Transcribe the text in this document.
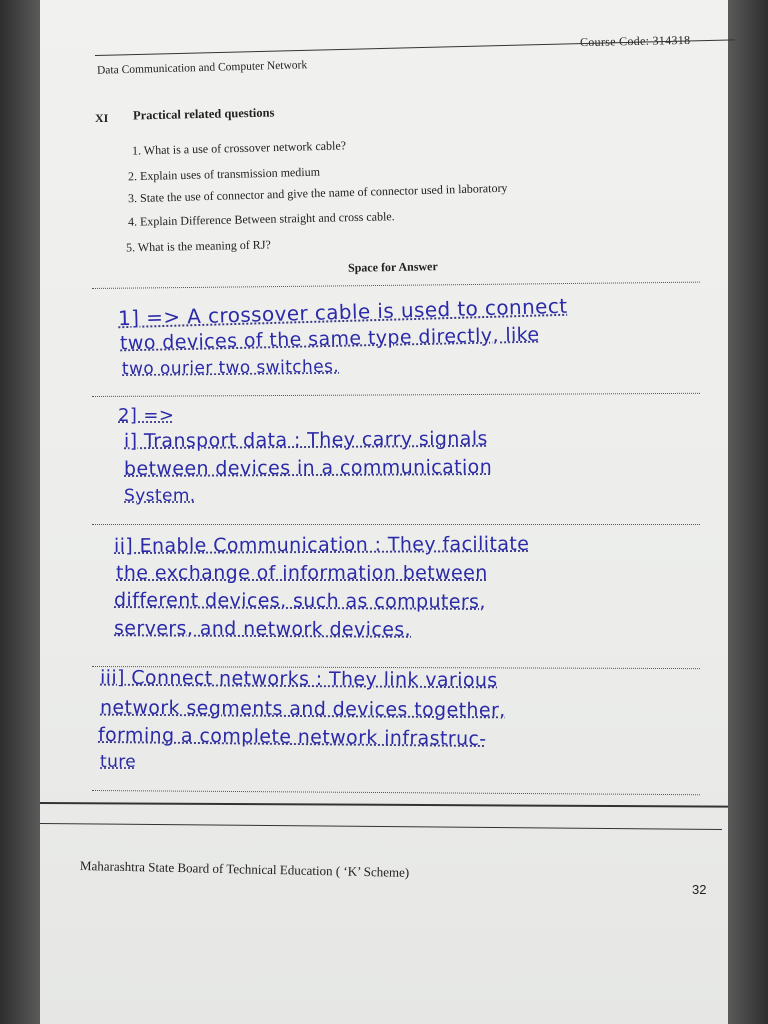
Course Code: 314318
Data Communication and Computer Network
XI Practical related questions
1. What is a use of crossover network cable?
2. Explain uses of transmission medium
3. State the use of connector and give the name of connector used in laboratory
4. Explain Difference Between straight and cross cable.
5. What is the meaning of RJ?
Space for Answer
1] => A crossover cable is used to connect
two devices of the same type directly, like
two ourier two switches.
2] =>
i] Transport data : They carry signals
between devices in a communication
System.
ii] Enable Communication : They facilitate
the exchange of information between
different devices, such as computers,
servers, and network devices.
iii] Connect networks : They link various
network segments and devices together,
forming a complete network infrastruc-
ture
Maharashtra State Board of Technical Education ( ‘K’ Scheme)
32
